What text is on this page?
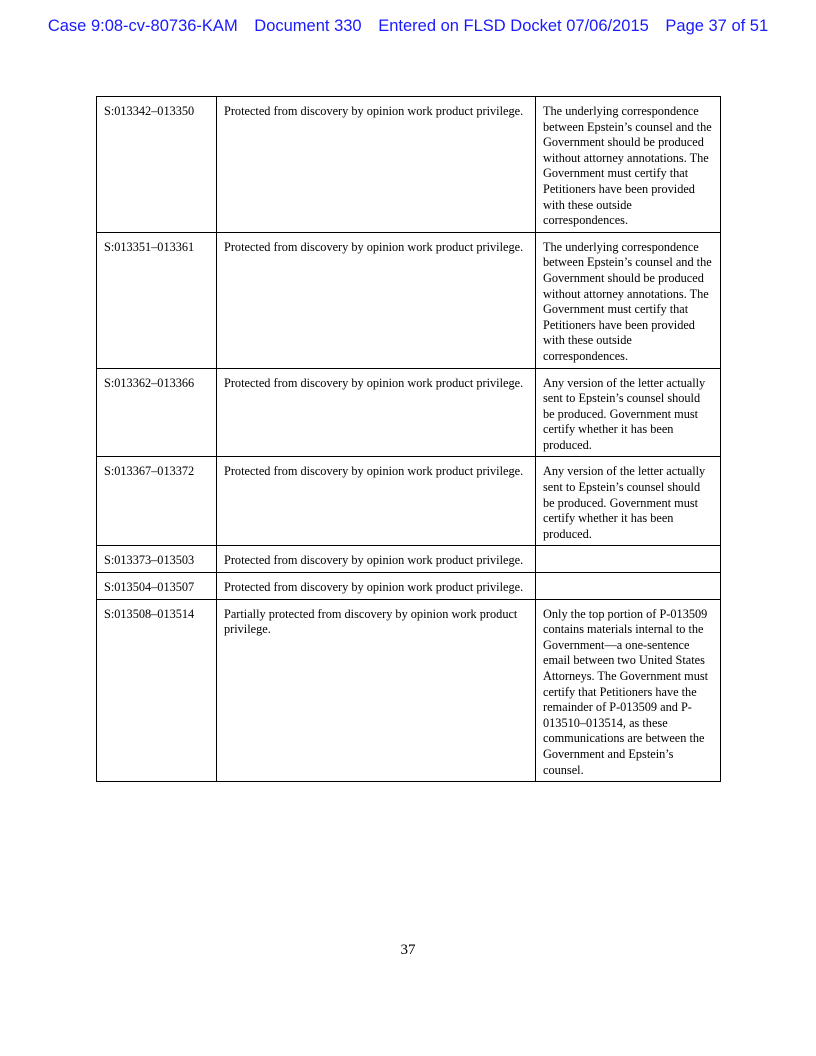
Case 9:08-cv-80736-KAM Document 330 Entered on FLSD Docket 07/06/2015 Page 37 of 51
S:013342–013350	Protected from discovery by opinion work product privilege.	The underlying correspondence between Epstein’s counsel and the Government should be produced without attorney annotations. The Government must certify that Petitioners have been provided with these outside correspondences.
S:013351–013361	Protected from discovery by opinion work product privilege.	The underlying correspondence between Epstein’s counsel and the Government should be produced without attorney annotations. The Government must certify that Petitioners have been provided with these outside correspondences.
S:013362–013366	Protected from discovery by opinion work product privilege.	Any version of the letter actually sent to Epstein’s counsel should be produced. Government must certify whether it has been produced.
S:013367–013372	Protected from discovery by opinion work product privilege.	Any version of the letter actually sent to Epstein’s counsel should be produced. Government must certify whether it has been produced.
S:013373–013503	Protected from discovery by opinion work product privilege.	
S:013504–013507	Protected from discovery by opinion work product privilege.	
S:013508–013514	Partially protected from discovery by opinion work product privilege.	Only the top portion of P-013509 contains materials internal to the Government—a one-sentence email between two United States Attorneys. The Government must certify that Petitioners have the remainder of P-013509 and P-013510–013514, as these communications are between the Government and Epstein’s counsel.
37
